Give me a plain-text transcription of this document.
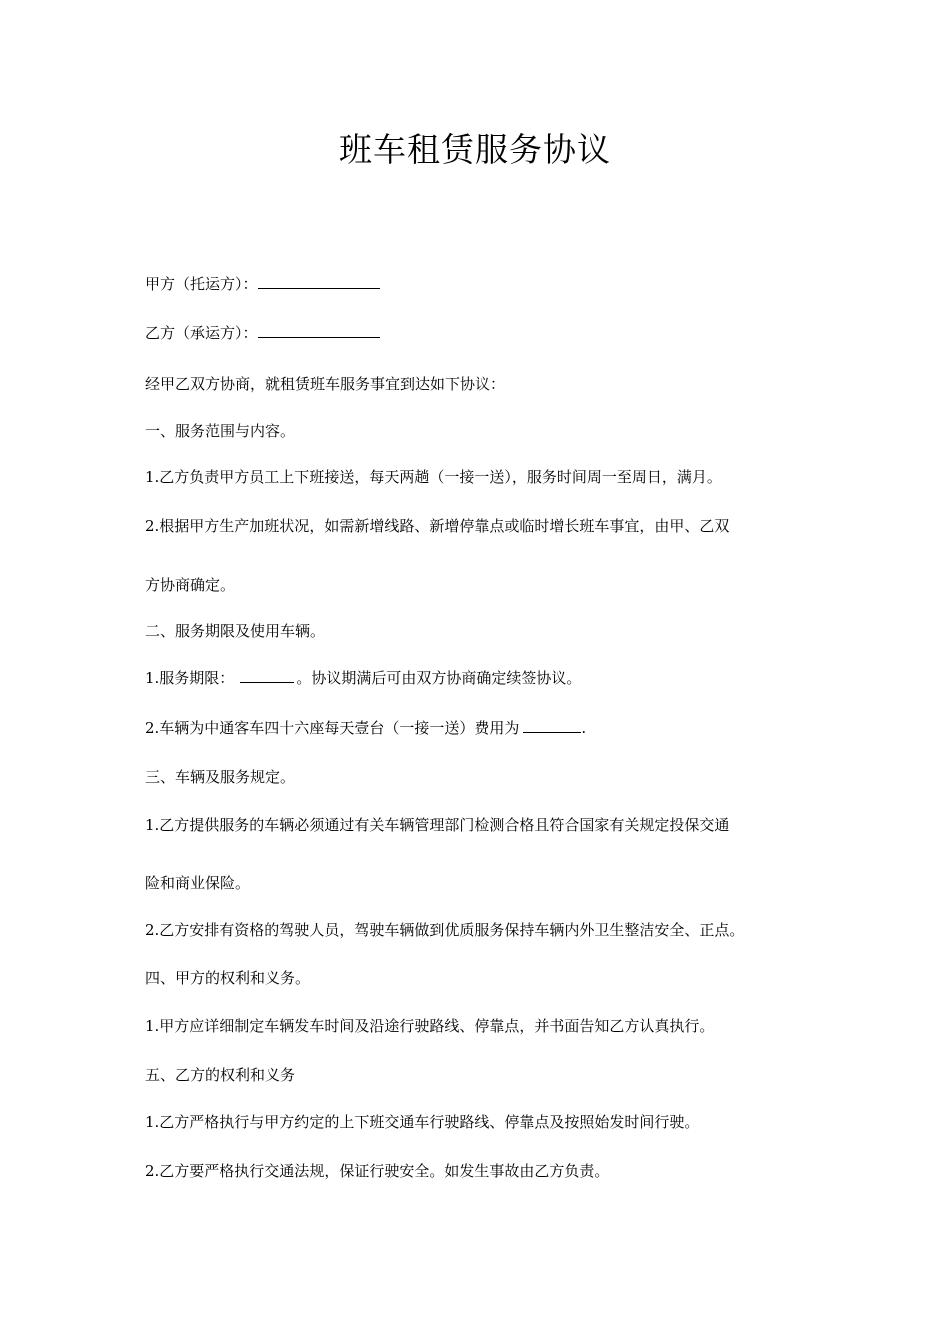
班车租赁服务协议
甲方（托运方）：
乙方（承运方）：
经甲乙双方协商，就租赁班车服务事宜到达如下协议：
一、服务范围与内容。
1.乙方负责甲方员工上下班接送，每天两趟（一接一送），服务时间周一至周日，满月。
2.根据甲方生产加班状况，如需新增线路、新增停靠点或临时增长班车事宜，由甲、乙双
方协商确定。
二、服务期限及使用车辆。
1.服务期限：	。协议期满后可由双方协商确定续签协议。
2.车辆为中通客车四十六座每天壹台（一接一送）费用为	.
三、车辆及服务规定。
1.乙方提供服务的车辆必须通过有关车辆管理部门检测合格且符合国家有关规定投保交通
险和商业保险。
2.乙方安排有资格的驾驶人员，驾驶车辆做到优质服务保持车辆内外卫生整洁安全、正点。
四、甲方的权利和义务。
1.甲方应详细制定车辆发车时间及沿途行驶路线、停靠点，并书面告知乙方认真执行。
五、乙方的权利和义务
1.乙方严格执行与甲方约定的上下班交通车行驶路线、停靠点及按照始发时间行驶。
2.乙方要严格执行交通法规，保证行驶安全。如发生事故由乙方负责。
